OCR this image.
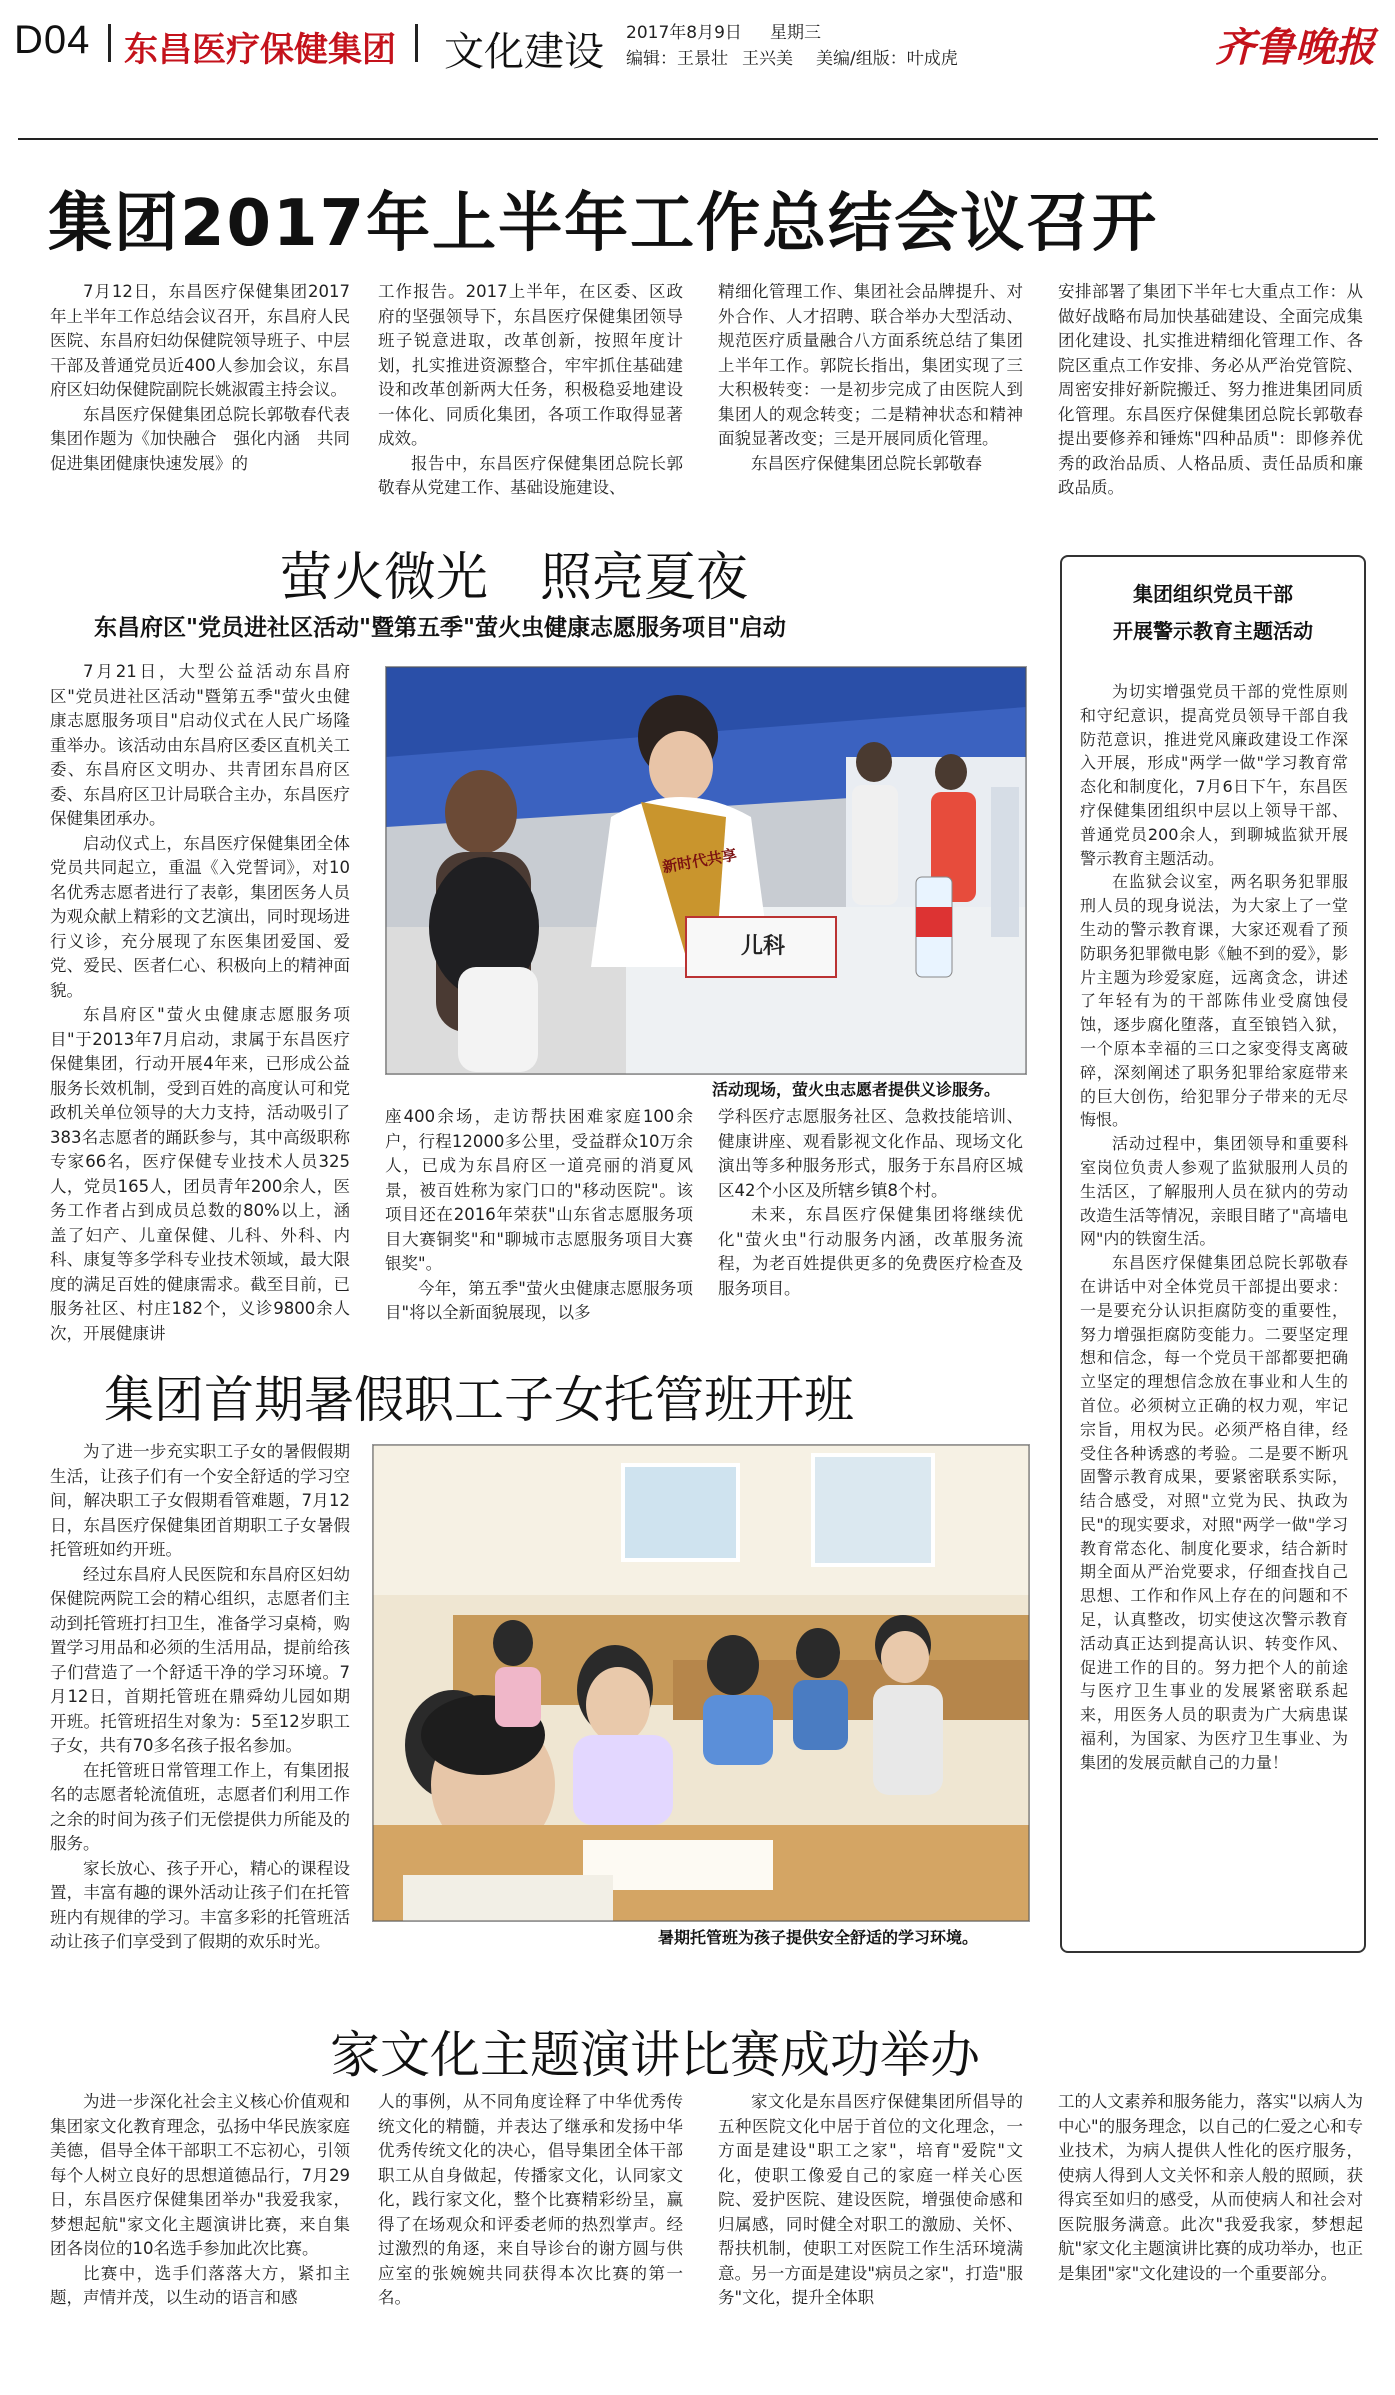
D04 东昌医疗保健集团 文化建设 2017年8月9日 星期三
编辑：王景壮 王兴美 美编/组版：叶成虎	齐鲁晚报
集团2017年上半年工作总结会议召开

7月12日，东昌医疗保健集团2017年上半年工作总结会议召开，东昌府人民医院、东昌府妇幼保健院领导班子、中层干部及普通党员近400人参加会议，东昌府区妇幼保健院副院长姚淑霞主持会议。

东昌医疗保健集团总院长郭敬春代表集团作题为《加快融合　强化内涵　共同促进集团健康快速发展》的

工作报告。2017上半年，在区委、区政府的坚强领导下，东昌医疗保健集团领导班子锐意进取，改革创新，按照年度计划，扎实推进资源整合，牢牢抓住基础建设和改革创新两大任务，积极稳妥地建设一体化、同质化集团，各项工作取得显著成效。

报告中，东昌医疗保健集团总院长郭敬春从党建工作、基础设施建设、

精细化管理工作、集团社会品牌提升、对外合作、人才招聘、联合举办大型活动、规范医疗质量融合八方面系统总结了集团上半年工作。郭院长指出，集团实现了三大积极转变：一是初步完成了由医院人到集团人的观念转变；二是精神状态和精神面貌显著改变；三是开展同质化管理。

东昌医疗保健集团总院长郭敬春

安排部署了集团下半年七大重点工作：从做好战略布局加快基础建设、全面完成集团化建设、扎实推进精细化管理工作、各院区重点工作安排、务必从严治党管院、周密安排好新院搬迁、努力推进集团同质化管理。东昌医疗保健集团总院长郭敬春提出要修养和锤炼"四种品质"：即修养优秀的政治品质、人格品质、责任品质和廉政品质。

萤火微光　照亮夏夜
东昌府区"党员进社区活动"暨第五季"萤火虫健康志愿服务项目"启动

7月21日，大型公益活动东昌府区"党员进社区活动"暨第五季"萤火虫健康志愿服务项目"启动仪式在人民广场隆重举办。该活动由东昌府区委区直机关工委、东昌府区文明办、共青团东昌府区委、东昌府区卫计局联合主办，东昌医疗保健集团承办。

启动仪式上，东昌医疗保健集团全体党员共同起立，重温《入党誓词》，对10名优秀志愿者进行了表彰，集团医务人员为观众献上精彩的文艺演出，同时现场进行义诊，充分展现了东医集团爱国、爱党、爱民、医者仁心、积极向上的精神面貌。

东昌府区"萤火虫健康志愿服务项目"于2013年7月启动，隶属于东昌医疗保健集团，行动开展4年来，已形成公益服务长效机制，受到百姓的高度认可和党政机关单位领导的大力支持，活动吸引了383名志愿者的踊跃参与，其中高级职称专家66名，医疗保健专业技术人员325人，党员165人，团员青年200余人，医务工作者占到成员总数的80%以上，涵盖了妇产、儿童保健、儿科、外科、内科、康复等多学科专业技术领域，最大限度的满足百姓的健康需求。截至目前，已服务社区、村庄182个，义诊9800余人次，开展健康讲

儿科
新时代共享
活动现场，萤火虫志愿者提供义诊服务。

座400余场，走访帮扶困难家庭100余户，行程12000多公里，受益群众10万余人，已成为东昌府区一道亮丽的消夏风景，被百姓称为家门口的"移动医院"。该项目还在2016年荣获"山东省志愿服务项目大赛铜奖"和"聊城市志愿服务项目大赛银奖"。

今年，第五季"萤火虫健康志愿服务项目"将以全新面貌展现，以多

学科医疗志愿服务社区、急救技能培训、健康讲座、观看影视文化作品、现场文化演出等多种服务形式，服务于东昌府区城区42个小区及所辖乡镇8个村。

未来，东昌医疗保健集团将继续优化"萤火虫"行动服务内涵，改革服务流程，为老百姓提供更多的免费医疗检查及服务项目。

集团组织党员干部
开展警示教育主题活动

为切实增强党员干部的党性原则和守纪意识，提高党员领导干部自我防范意识，推进党风廉政建设工作深入开展，形成"两学一做"学习教育常态化和制度化，7月6日下午，东昌医疗保健集团组织中层以上领导干部、普通党员200余人，到聊城监狱开展警示教育主题活动。

在监狱会议室，两名职务犯罪服刑人员的现身说法，为大家上了一堂生动的警示教育课，大家还观看了预防职务犯罪微电影《触不到的爱》，影片主题为珍爱家庭，远离贪念，讲述了年轻有为的干部陈伟业受腐蚀侵蚀，逐步腐化堕落，直至锒铛入狱，一个原本幸福的三口之家变得支离破碎，深刻阐述了职务犯罪给家庭带来的巨大创伤，给犯罪分子带来的无尽悔恨。

活动过程中，集团领导和重要科室岗位负责人参观了监狱服刑人员的生活区，了解服刑人员在狱内的劳动改造生活等情况，亲眼目睹了"高墙电网"内的铁窗生活。

东昌医疗保健集团总院长郭敬春在讲话中对全体党员干部提出要求：一是要充分认识拒腐防变的重要性，努力增强拒腐防变能力。二要坚定理想和信念，每一个党员干部都要把确立坚定的理想信念放在事业和人生的首位。必须树立正确的权力观，牢记宗旨，用权为民。必须严格自律，经受住各种诱惑的考验。二是要不断巩固警示教育成果，要紧密联系实际，结合感受，对照"立党为民、执政为民"的现实要求，对照"两学一做"学习教育常态化、制度化要求，结合新时期全面从严治党要求，仔细查找自己思想、工作和作风上存在的问题和不足，认真整改，切实使这次警示教育活动真正达到提高认识、转变作风、促进工作的目的。努力把个人的前途与医疗卫生事业的发展紧密联系起来，用医务人员的职责为广大病患谋福利，为国家、为医疗卫生事业、为集团的发展贡献自己的力量！

集团首期暑假职工子女托管班开班

为了进一步充实职工子女的暑假假期生活，让孩子们有一个安全舒适的学习空间，解决职工子女假期看管难题，7月12日，东昌医疗保健集团首期职工子女暑假托管班如约开班。

经过东昌府人民医院和东昌府区妇幼保健院两院工会的精心组织，志愿者们主动到托管班打扫卫生，准备学习桌椅，购置学习用品和必须的生活用品，提前给孩子们营造了一个舒适干净的学习环境。7月12日，首期托管班在鼎舜幼儿园如期开班。托管班招生对象为：5至12岁职工子女，共有70多名孩子报名参加。

在托管班日常管理工作上，有集团报名的志愿者轮流值班，志愿者们利用工作之余的时间为孩子们无偿提供力所能及的服务。

家长放心、孩子开心，精心的课程设置，丰富有趣的课外活动让孩子们在托管班内有规律的学习。丰富多彩的托管班活动让孩子们享受到了假期的欢乐时光。	暑期托管班为孩子提供安全舒适的学习环境。
家文化主题演讲比赛成功举办

为进一步深化社会主义核心价值观和集团家文化教育理念，弘扬中华民族家庭美德，倡导全体干部职工不忘初心，引领每个人树立良好的思想道德品行，7月29日，东昌医疗保健集团举办"我爱我家，梦想起航"家文化主题演讲比赛，来自集团各岗位的10名选手参加此次比赛。

比赛中，选手们落落大方，紧扣主题，声情并茂，以生动的语言和感

人的事例，从不同角度诠释了中华优秀传统文化的精髓，并表达了继承和发扬中华优秀传统文化的决心，倡导集团全体干部职工从自身做起，传播家文化，认同家文化，践行家文化，整个比赛精彩纷呈，赢得了在场观众和评委老师的热烈掌声。经过激烈的角逐，来自导诊台的谢方圆与供应室的张婉婉共同获得本次比赛的第一名。

家文化是东昌医疗保健集团所倡导的五种医院文化中居于首位的文化理念，一方面是建设"职工之家"，培育"爱院"文化，使职工像爱自己的家庭一样关心医院、爱护医院、建设医院，增强使命感和归属感，同时健全对职工的激励、关怀、帮扶机制，使职工对医院工作生活环境满意。另一方面是建设"病员之家"，打造"服务"文化，提升全体职

工的人文素养和服务能力，落实"以病人为中心"的服务理念，以自己的仁爱之心和专业技术，为病人提供人性化的医疗服务，使病人得到人文关怀和亲人般的照顾，获得宾至如归的感受，从而使病人和社会对医院服务满意。此次"我爱我家，梦想起航"家文化主题演讲比赛的成功举办，也正是集团"家"文化建设的一个重要部分。
